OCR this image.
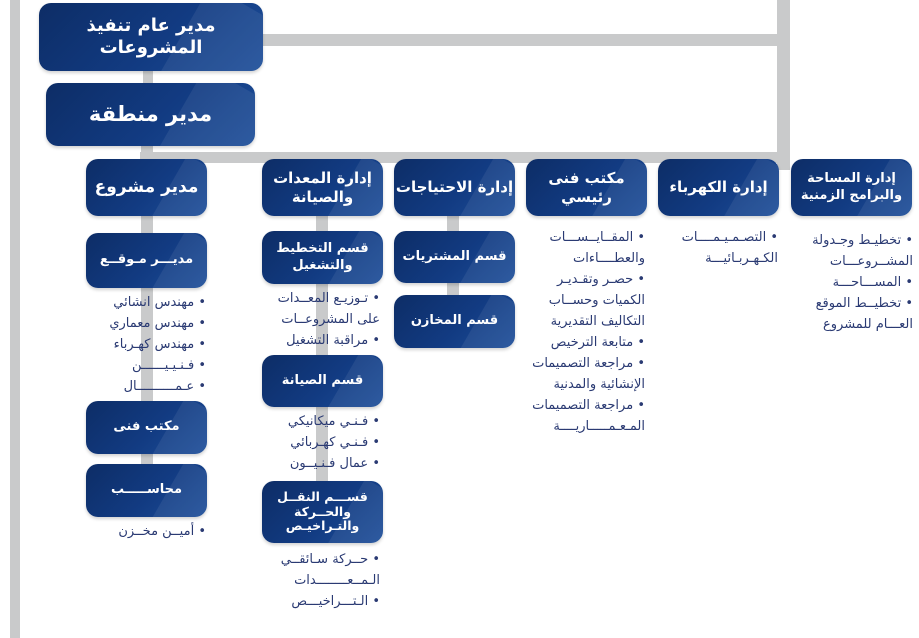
مدير عام تنفيذ المشروعات
مدير منطقة
مدير مشروع
مديـــر مـوقــع
• مهندس انشائي
• مهندس معماري
• مهندس كهـرباء
• فـنـيـيــــــن
• عـمــــــــــال
مكتب فنى
محاســـــب
• أميــن مخــزن
إدارة المعدات والصيانة
قسم التخطيط والتشغيل
• تـوزيـع المعــدات
على المشروعــات
• مراقبة التشغيل
قسم الصيانة
• فـنـي ميكانيكي
• فـنـي كهـربائي
• عمال فـنـيــون
قســـم النقــل والحــركة والتـراخيـص
• حــركة سـائقــي
الـمــعــــــــدات
• الـتـــراخيـــص
إدارة الاحتياجات
قسم المشتريات
قسم المخازن
مكتب فنى رئيسي
• المقــايــســـات
والعطــــاءات
• حصـر وتقـديـر
الكميات وحســاب
التكاليف التقديرية
• متابعة الترخيص
• مراجعة التصميمات
الإنشائية والمدنية
• مراجعة التصميمات
المـعـمـــــاريــــة
إدارة الكهرباء
• التصـمـيـمــــات
الكـهـربـائيـــة
إدارة المساحة والبرامج الزمنية
• تخطيـط وجـدولة
المشــروعـــات
• المســـاحـــة
• تخطيــط الموقع
العـــام للمشروع
